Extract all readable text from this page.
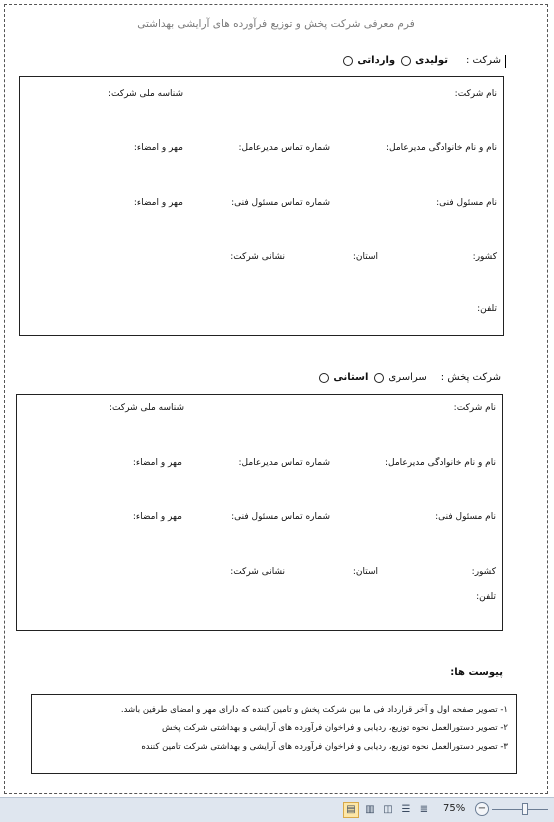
فرم معرفی شرکت پخش و توزیع فرآورده های آرایشی بهداشتی
شرکت :
تولیدی
وارداتی
نام شرکت:
شناسه ملی شرکت:
نام و نام خانوادگی مدیرعامل:
شماره تماس مدیرعامل:
مهر و امضاء:
نام مسئول فنی:
شماره تماس مسئول فنی:
مهر و امضاء:
کشور:
استان:
نشانی شرکت:
تلفن:
شرکت پخش :
سراسری
استانی
نام شرکت:
شناسه ملی شرکت:
نام و نام خانوادگی مدیرعامل:
شماره تماس مدیرعامل:
مهر و امضاء:
نام مسئول فنی:
شماره تماس مسئول فنی:
مهر و امضاء:
کشور:
استان:
نشانی شرکت:
تلفن:
پیوست ها:
۱- تصویر صفحه اول و آخر قرارداد فی ما بین شرکت پخش و تامین کننده که دارای مهر و امضای طرفین باشد.
۲- تصویر دستورالعمل نحوه توزیع، ردیابی و فراخوان فرآورده های آرایشی و بهداشتی شرکت پخش
۳- تصویر دستورالعمل نحوه توزیع، ردیابی و فراخوان فرآورده های آرایشی و بهداشتی شرکت تامین کننده
▤ ▥ ◫ ☰ ≣	75% −
